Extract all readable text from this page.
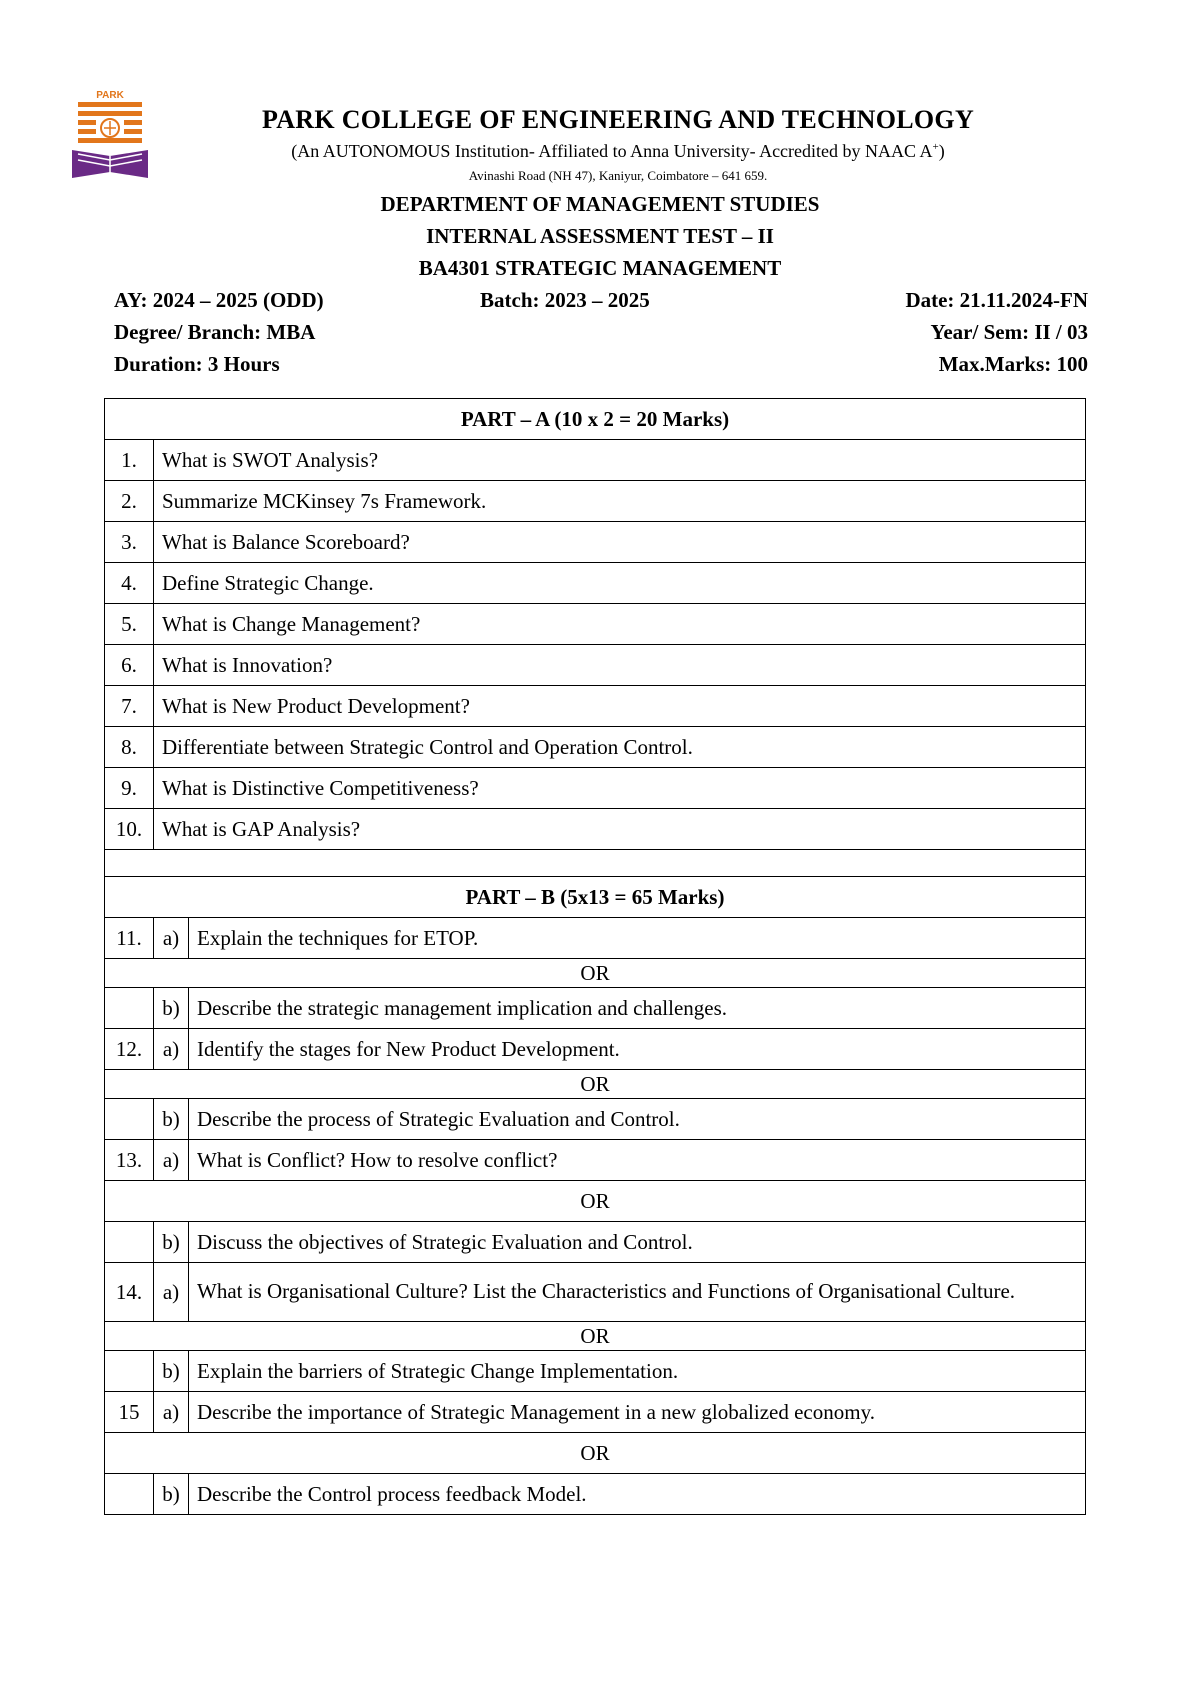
PARK
PARK COLLEGE OF ENGINEERING AND TECHNOLOGY
(An AUTONOMOUS Institution- Affiliated to Anna University- Accredited by NAAC A+)
Avinashi Road (NH 47), Kaniyur, Coimbatore – 641 659.
DEPARTMENT OF MANAGEMENT STUDIES
INTERNAL ASSESSMENT TEST – II
BA4301 STRATEGIC MANAGEMENT
AY: 2024 – 2025 (ODD)	Batch: 2023 – 2025	Date: 21.11.2024-FN
Degree/ Branch: MBA	Year/ Sem: II / 03
Duration: 3 Hours	Max.Marks: 100
PART – A (10 x 2 = 20 Marks)		
1.	What is SWOT Analysis?	
2.	Summarize MCKinsey 7s Framework.	
3.	What is Balance Scoreboard?	
4.	Define Strategic Change.	
5.	What is Change Management?	
6.	What is Innovation?	
7.	What is New Product Development?	
8.	Differentiate between Strategic Control and Operation Control.	
9.	What is Distinctive Competitiveness?	
10.	What is GAP Analysis?	

PART – B (5x13 = 65 Marks)		
11.	a)	Explain the techniques for ETOP.
OR		
	b)	Describe the strategic management implication and challenges.
12.	a)	Identify the stages for New Product Development.
OR		
	b)	Describe the process of Strategic Evaluation and Control.
13.	a)	What is Conflict? How to resolve conflict?
OR		
	b)	Discuss the objectives of Strategic Evaluation and Control.
14.	a)	What is Organisational Culture? List the Characteristics and Functions of Organisational Culture.
OR		
	b)	Explain the barriers of Strategic Change Implementation.
15	a)	Describe the importance of Strategic Management in a new globalized economy.
OR		
	b)	Describe the Control process feedback Model.
